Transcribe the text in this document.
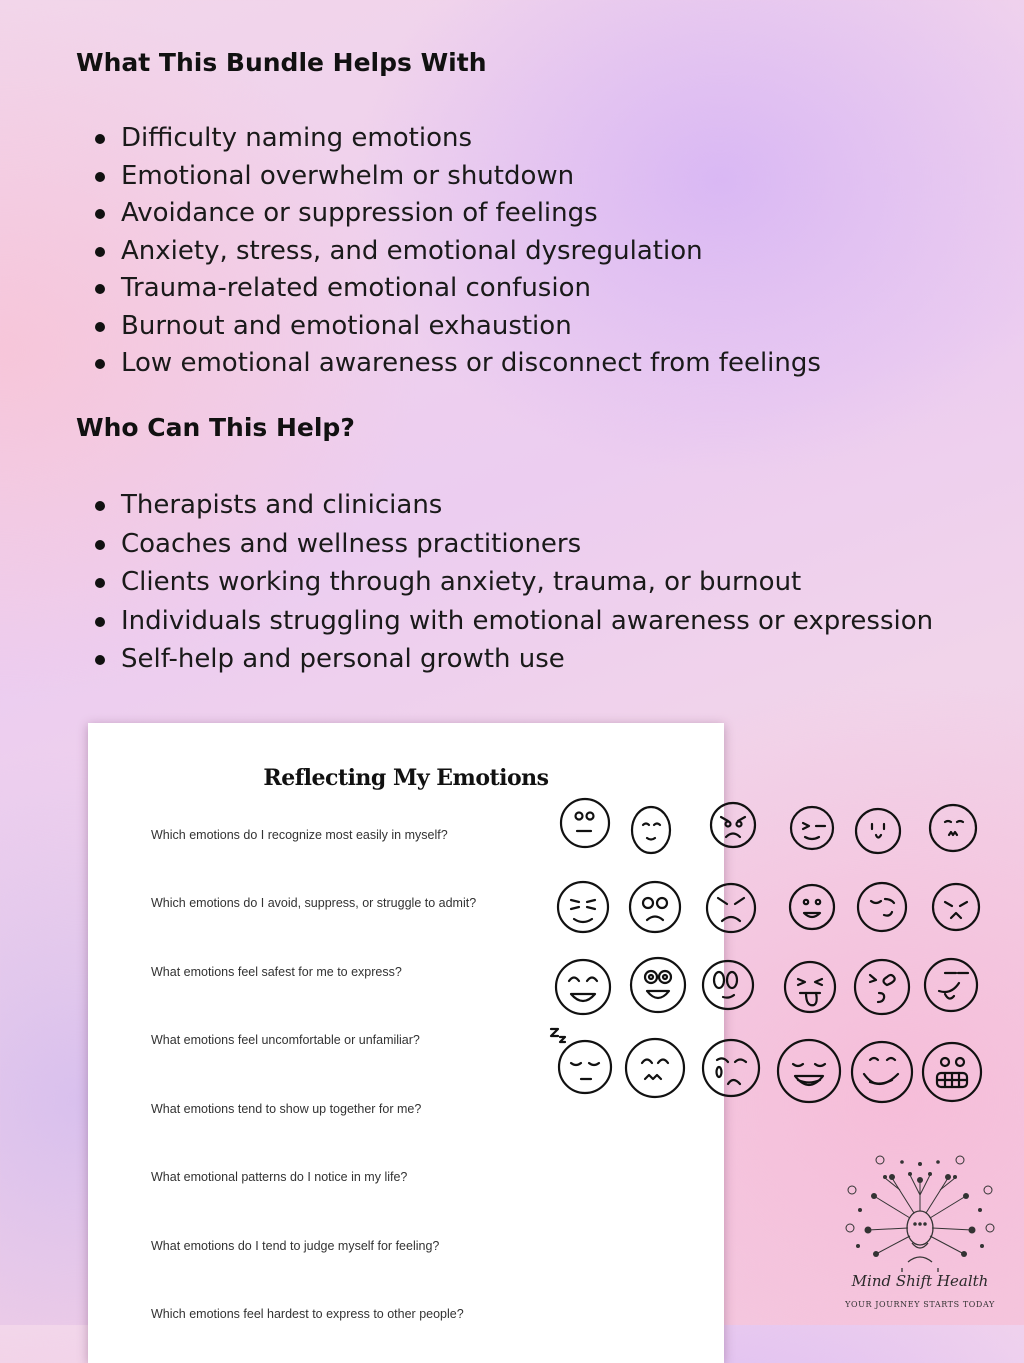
What This Bundle Helps With
Difficulty naming emotions
Emotional overwhelm or shutdown
Avoidance or suppression of feelings
Anxiety, stress, and emotional dysregulation
Trauma-related emotional confusion
Burnout and emotional exhaustion
Low emotional awareness or disconnect from feelings
Who Can This Help?
Therapists and clinicians
Coaches and wellness practitioners
Clients working through anxiety, trauma, or burnout
Individuals struggling with emotional awareness or expression
Self-help and personal growth use
Reflecting My Emotions

Which emotions do I recognize most easily in myself?

Which emotions do I avoid, suppress, or struggle to admit?

What emotions feel safest for me to express?

What emotions feel uncomfortable or unfamiliar?

What emotions tend to show up together for me?

What emotional patterns do I notice in my life?

What emotions do I tend to judge myself for feeling?

Which emotions feel hardest to express to other people?

Mind Shift Health
YOUR JOURNEY STARTS TODAY
